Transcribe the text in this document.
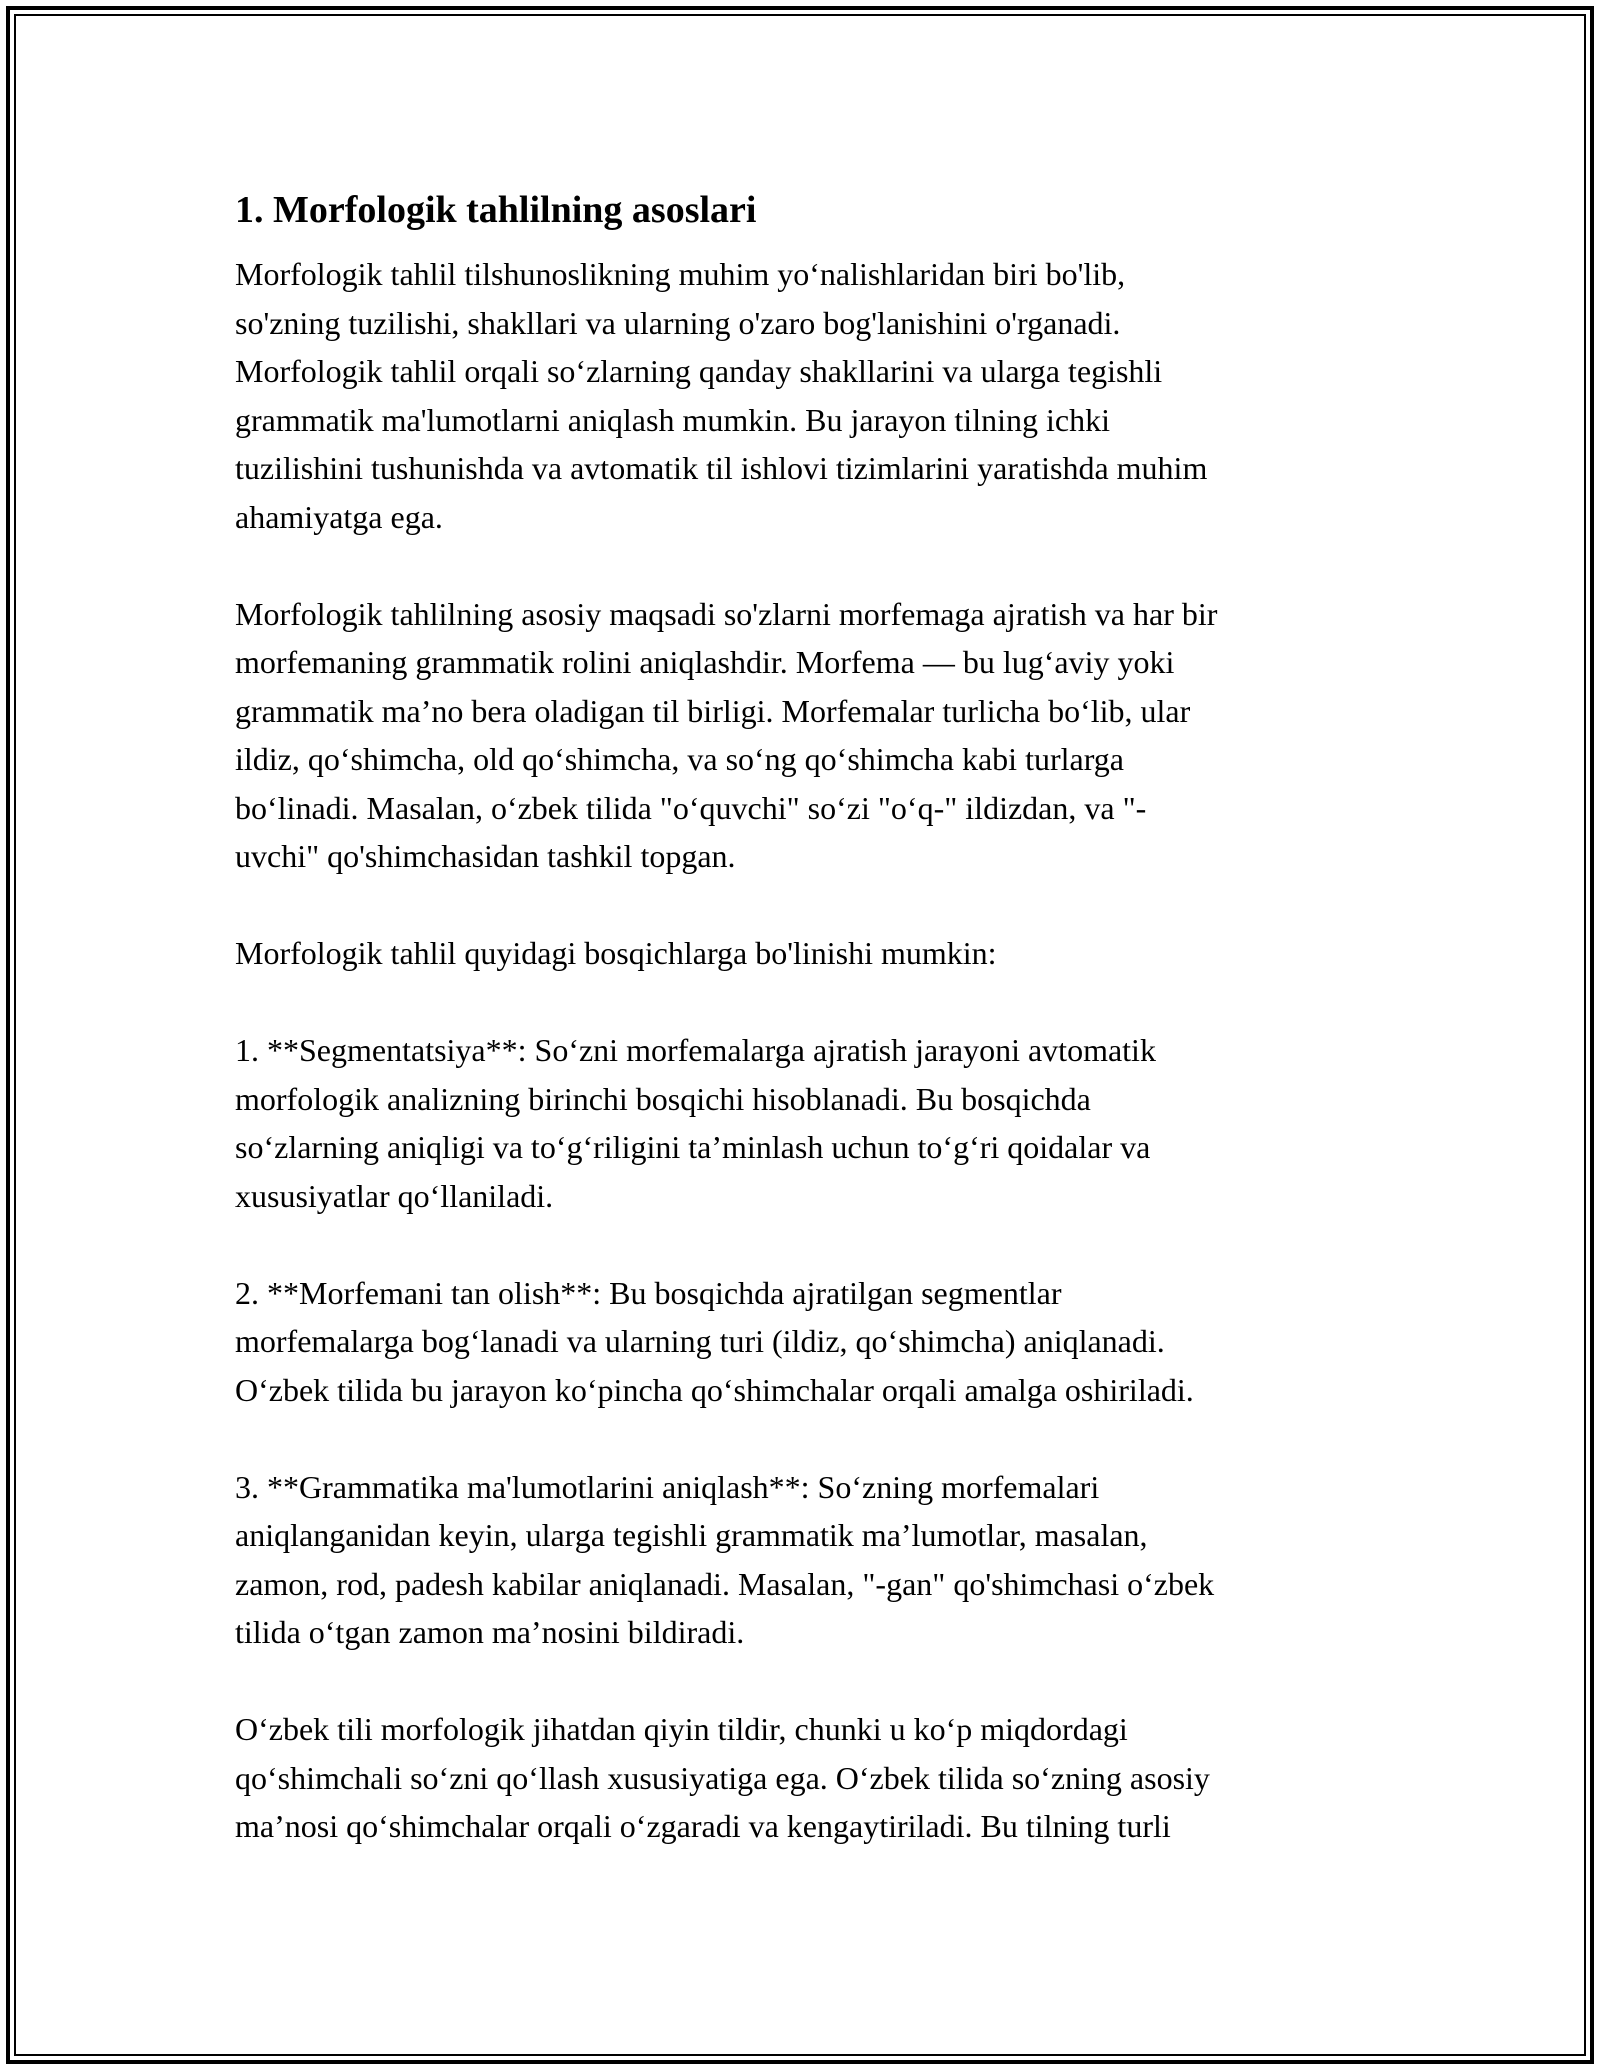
1. Morfologik tahlilning asoslari

Morfologik tahlil tilshunoslikning muhim yo‘nalishlaridan biri bo'lib,
so'zning tuzilishi, shakllari va ularning o'zaro bog'lanishini o'rganadi.
Morfologik tahlil orqali so‘zlarning qanday shakllarini va ularga tegishli
grammatik ma'lumotlarni aniqlash mumkin. Bu jarayon tilning ichki
tuzilishini tushunishda va avtomatik til ishlovi tizimlarini yaratishda muhim
ahamiyatga ega.

Morfologik tahlilning asosiy maqsadi so'zlarni morfemaga ajratish va har bir
morfemaning grammatik rolini aniqlashdir. Morfema — bu lug‘aviy yoki
grammatik ma’no bera oladigan til birligi. Morfemalar turlicha bo‘lib, ular
ildiz, qo‘shimcha, old qo‘shimcha, va so‘ng qo‘shimcha kabi turlarga
bo‘linadi. Masalan, o‘zbek tilida "o‘quvchi" so‘zi "o‘q-" ildizdan, va "-
uvchi" qo'shimchasidan tashkil topgan.

Morfologik tahlil quyidagi bosqichlarga bo'linishi mumkin:

1. **Segmentatsiya**: So‘zni morfemalarga ajratish jarayoni avtomatik
morfologik analizning birinchi bosqichi hisoblanadi. Bu bosqichda
so‘zlarning aniqligi va to‘g‘riligini ta’minlash uchun to‘g‘ri qoidalar va
xususiyatlar qo‘llaniladi.

2. **Morfemani tan olish**: Bu bosqichda ajratilgan segmentlar
morfemalarga bog‘lanadi va ularning turi (ildiz, qo‘shimcha) aniqlanadi.
O‘zbek tilida bu jarayon ko‘pincha qo‘shimchalar orqali amalga oshiriladi.

3. **Grammatika ma'lumotlarini aniqlash**: So‘zning morfemalari
aniqlanganidan keyin, ularga tegishli grammatik ma’lumotlar, masalan,
zamon, rod, padesh kabilar aniqlanadi. Masalan, "-gan" qo'shimchasi o‘zbek
tilida o‘tgan zamon ma’nosini bildiradi.

O‘zbek tili morfologik jihatdan qiyin tildir, chunki u ko‘p miqdordagi
qo‘shimchali so‘zni qo‘llash xususiyatiga ega. O‘zbek tilida so‘zning asosiy
ma’nosi qo‘shimchalar orqali o‘zgaradi va kengaytiriladi. Bu tilning turli
